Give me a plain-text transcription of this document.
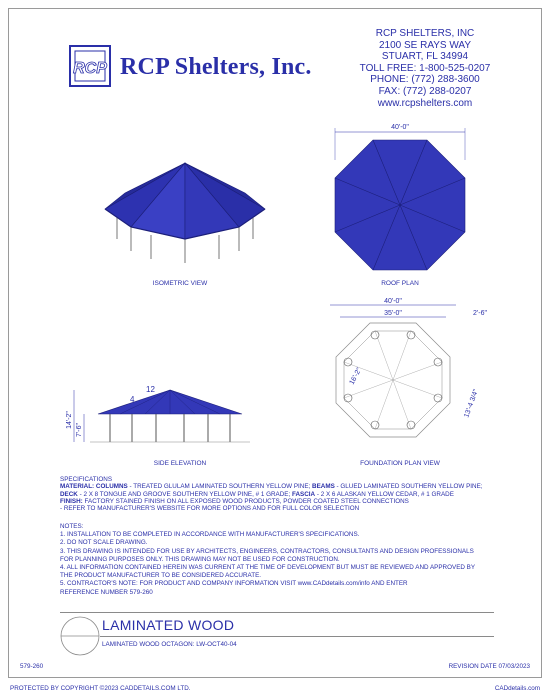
RCP RCP Shelters, Inc.
RCP SHELTERS, INC
2100 SE RAYS WAY
STUART, FL 34994
TOLL FREE: 1-800-525-0207
PHONE: (772) 288-3600
FAX: (772) 288-0207
www.rcpshelters.com
ISOMETRIC VIEW
40'-0"
ROOF PLAN
12
4
14'-2"
7'-6"
SIDE ELEVATION
40'-0"
35'-0"	2'-6"
16'-2"
13'-4 3/4"
FOUNDATION PLAN VIEW
SPECIFICATIONS
MATERIAL: COLUMNS - TREATED GLULAM LAMINATED SOUTHERN YELLOW PINE; BEAMS - GLUED LAMINATED SOUTHERN YELLOW PINE;
DECK - 2 X 8 TONGUE AND GROOVE SOUTHERN YELLOW PINE, # 1 GRADE; FASCIA - 2 X 6 ALASKAN YELLOW CEDAR, # 1 GRADE
FINISH: FACTORY STAINED FINISH ON ALL EXPOSED WOOD PRODUCTS, POWDER COATED STEEL CONNECTIONS
- REFER TO MANUFACTURER'S WEBSITE FOR MORE OPTIONS AND FOR FULL COLOR SELECTION
NOTES:
1. INSTALLATION TO BE COMPLETED IN ACCORDANCE WITH MANUFACTURER'S SPECIFICATIONS.
2. DO NOT SCALE DRAWING.
3. THIS DRAWING IS INTENDED FOR USE BY ARCHITECTS, ENGINEERS, CONTRACTORS, CONSULTANTS AND DESIGN PROFESSIONALS
FOR PLANNING PURPOSES ONLY. THIS DRAWING MAY NOT BE USED FOR CONSTRUCTION.
4. ALL INFORMATION CONTAINED HEREIN WAS CURRENT AT THE TIME OF DEVELOPMENT BUT MUST BE REVIEWED AND APPROVED BY
THE PRODUCT MANUFACTURER TO BE CONSIDERED ACCURATE.
5. CONTRACTOR'S NOTE: FOR PRODUCT AND COMPANY INFORMATION VISIT www.CADdetails.com/info AND ENTER
REFERENCE NUMBER 579-260
LAMINATED WOOD
LAMINATED WOOD OCTAGON: LW-OCT40-04
579-260	REVISION DATE 07/03/2023
PROTECTED BY COPYRIGHT ©2023 CADDETAILS.COM LTD.	CADdetails.com
